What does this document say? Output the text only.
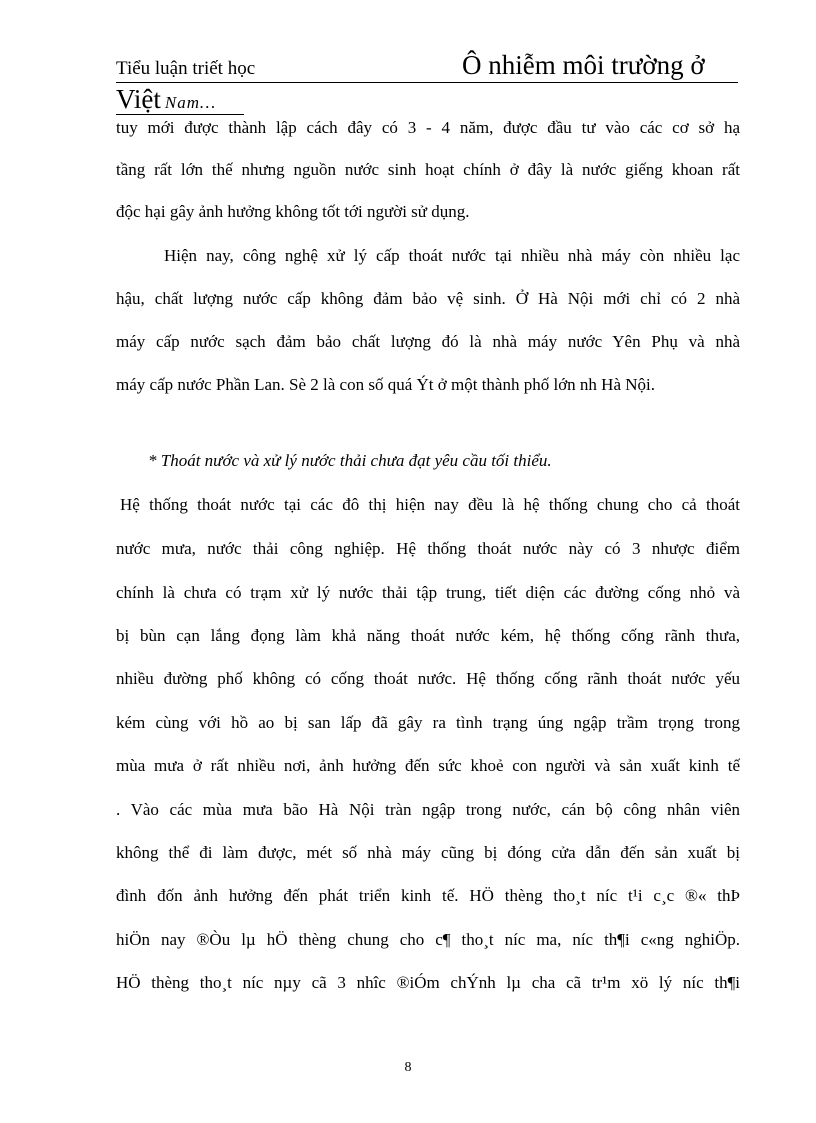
Tiểu luận triết học	Ô nhiễm môi trường ở
Việt Nam…
tuy mới được thành lập cách đây có 3 - 4 năm, được đầu tư vào các cơ sở hạ
tầng rất lớn thế nhưng nguồn nước sinh hoạt chính ở đây là nước giếng khoan rất
độc hại gây ảnh hưởng không tốt tới người sử dụng.
Hiện nay, công nghệ xử lý cấp thoát nước tại nhiều nhà máy còn nhiều lạc
hậu, chất lượng nước cấp không đảm bảo vệ sinh. Ở Hà Nội mới chỉ có 2 nhà
máy cấp nước sạch đảm bảo chất lượng đó là nhà máy nước Yên Phụ và nhà
máy cấp nước Phần Lan. Sè 2 là con số quá Ýt ở một thành phố lớn nh Hà Nội.
* Thoát nước và xử lý nước thải chưa đạt yêu cầu tối thiểu.
Hệ thống thoát nước tại các đô thị hiện nay đều là hệ thống chung cho cả thoát
nước mưa, nước thải công nghiệp. Hệ thống thoát nước này có 3 nhược điểm
chính là chưa có trạm xử lý nước thải tập trung, tiết diện các đường cống nhỏ và
bị bùn cạn lắng đọng làm khả năng thoát nước kém, hệ thống cống rãnh thưa,
nhiều đường phố không có cống thoát nước. Hệ thống cống rãnh thoát nước yếu
kém cùng với hồ ao bị san lấp đã gây ra tình trạng úng ngập trầm trọng trong
mùa mưa ở rất nhiều nơi, ảnh hưởng đến sức khoẻ con người và sản xuất kinh tế
. Vào các mùa mưa bão Hà Nội tràn ngập trong nước, cán bộ công nhân viên
không thể đi làm được, mét số nhà máy cũng bị đóng cửa dẫn đến sản xuất bị
đình đốn ảnh hưởng đến phát triển kinh tế. HÖ thèng tho¸t níc t¹i c¸c ®« thÞ
hiÖn nay ®Òu lµ hÖ thèng chung cho c¶ tho¸t níc ma, níc th¶i c«ng nghiÖp.
HÖ thèng tho¸t níc nµy cã 3 nhîc ®iÓm chÝnh lµ cha cã tr¹m xö lý níc th¶i
8
